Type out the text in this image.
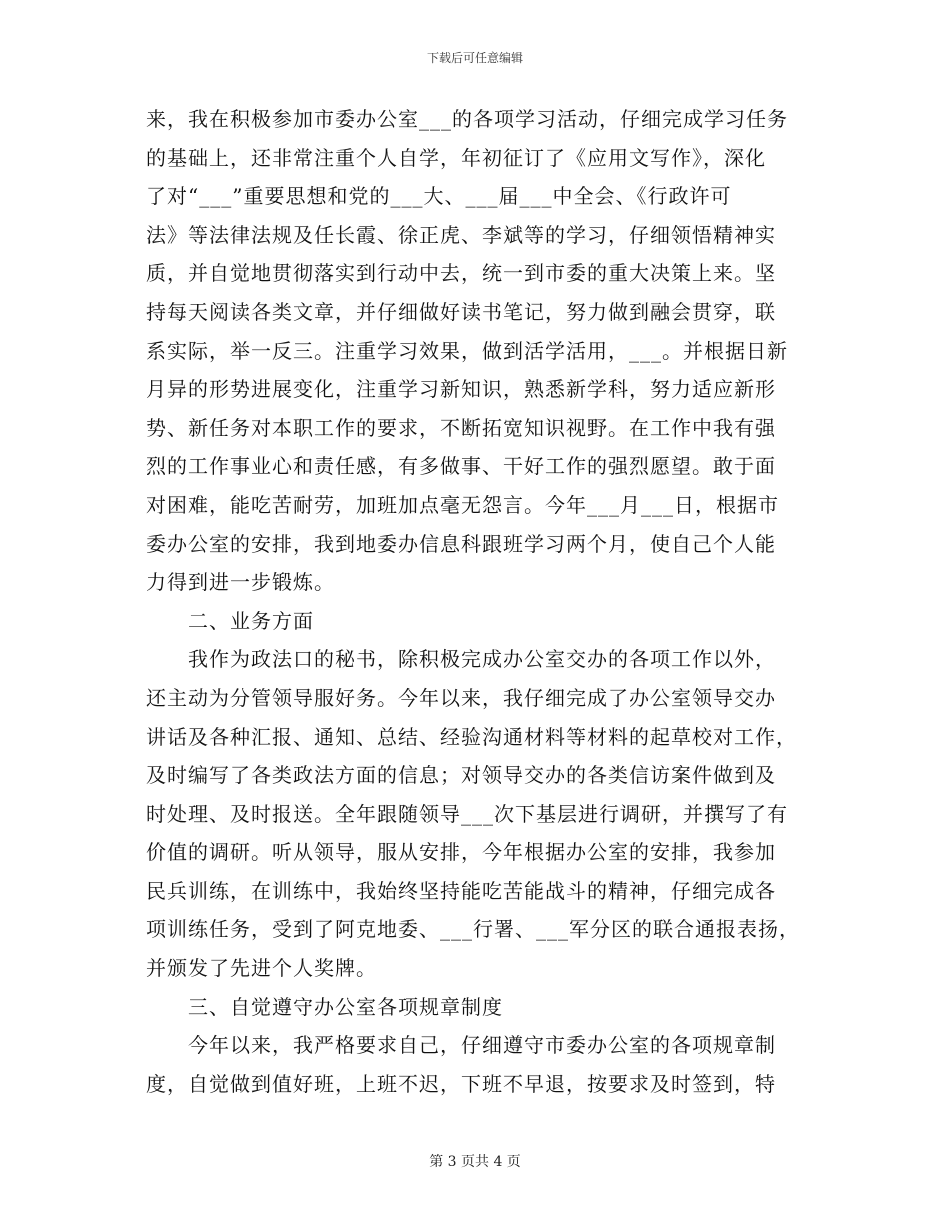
下载后可任意编辑
来，我在积极参加市委办公室___的各项学习活动，仔细完成学习任务
的基础上，还非常注重个人自学，年初征订了《应用文写作》，深化
了对“___”重要思想和党的___大、___届___中全会、《行政许可
法》等法律法规及任长霞、徐正虎、李斌等的学习，仔细领悟精神实
质，并自觉地贯彻落实到行动中去，统一到市委的重大决策上来。坚
持每天阅读各类文章，并仔细做好读书笔记，努力做到融会贯穿，联
系实际，举一反三。注重学习效果，做到活学活用，___。并根据日新
月异的形势进展变化，注重学习新知识，熟悉新学科，努力适应新形
势、新任务对本职工作的要求，不断拓宽知识视野。在工作中我有强
烈的工作事业心和责任感，有多做事、干好工作的强烈愿望。敢于面
对困难，能吃苦耐劳，加班加点毫无怨言。今年___月___日，根据市
委办公室的安排，我到地委办信息科跟班学习两个月，使自己个人能
力得到进一步锻炼。
二、业务方面
我作为政法口的秘书，除积极完成办公室交办的各项工作以外，
还主动为分管领导服好务。今年以来，我仔细完成了办公室领导交办
讲话及各种汇报、通知、总结、经验沟通材料等材料的起草校对工作，
及时编写了各类政法方面的信息；对领导交办的各类信访案件做到及
时处理、及时报送。全年跟随领导___次下基层进行调研，并撰写了有
价值的调研。听从领导，服从安排，今年根据办公室的安排，我参加
民兵训练，在训练中，我始终坚持能吃苦能战斗的精神，仔细完成各
项训练任务，受到了阿克地委、___行署、___军分区的联合通报表扬，
并颁发了先进个人奖牌。
三、自觉遵守办公室各项规章制度
今年以来，我严格要求自己，仔细遵守市委办公室的各项规章制
度，自觉做到值好班，上班不迟，下班不早退，按要求及时签到，特
第 3 页共 4 页
